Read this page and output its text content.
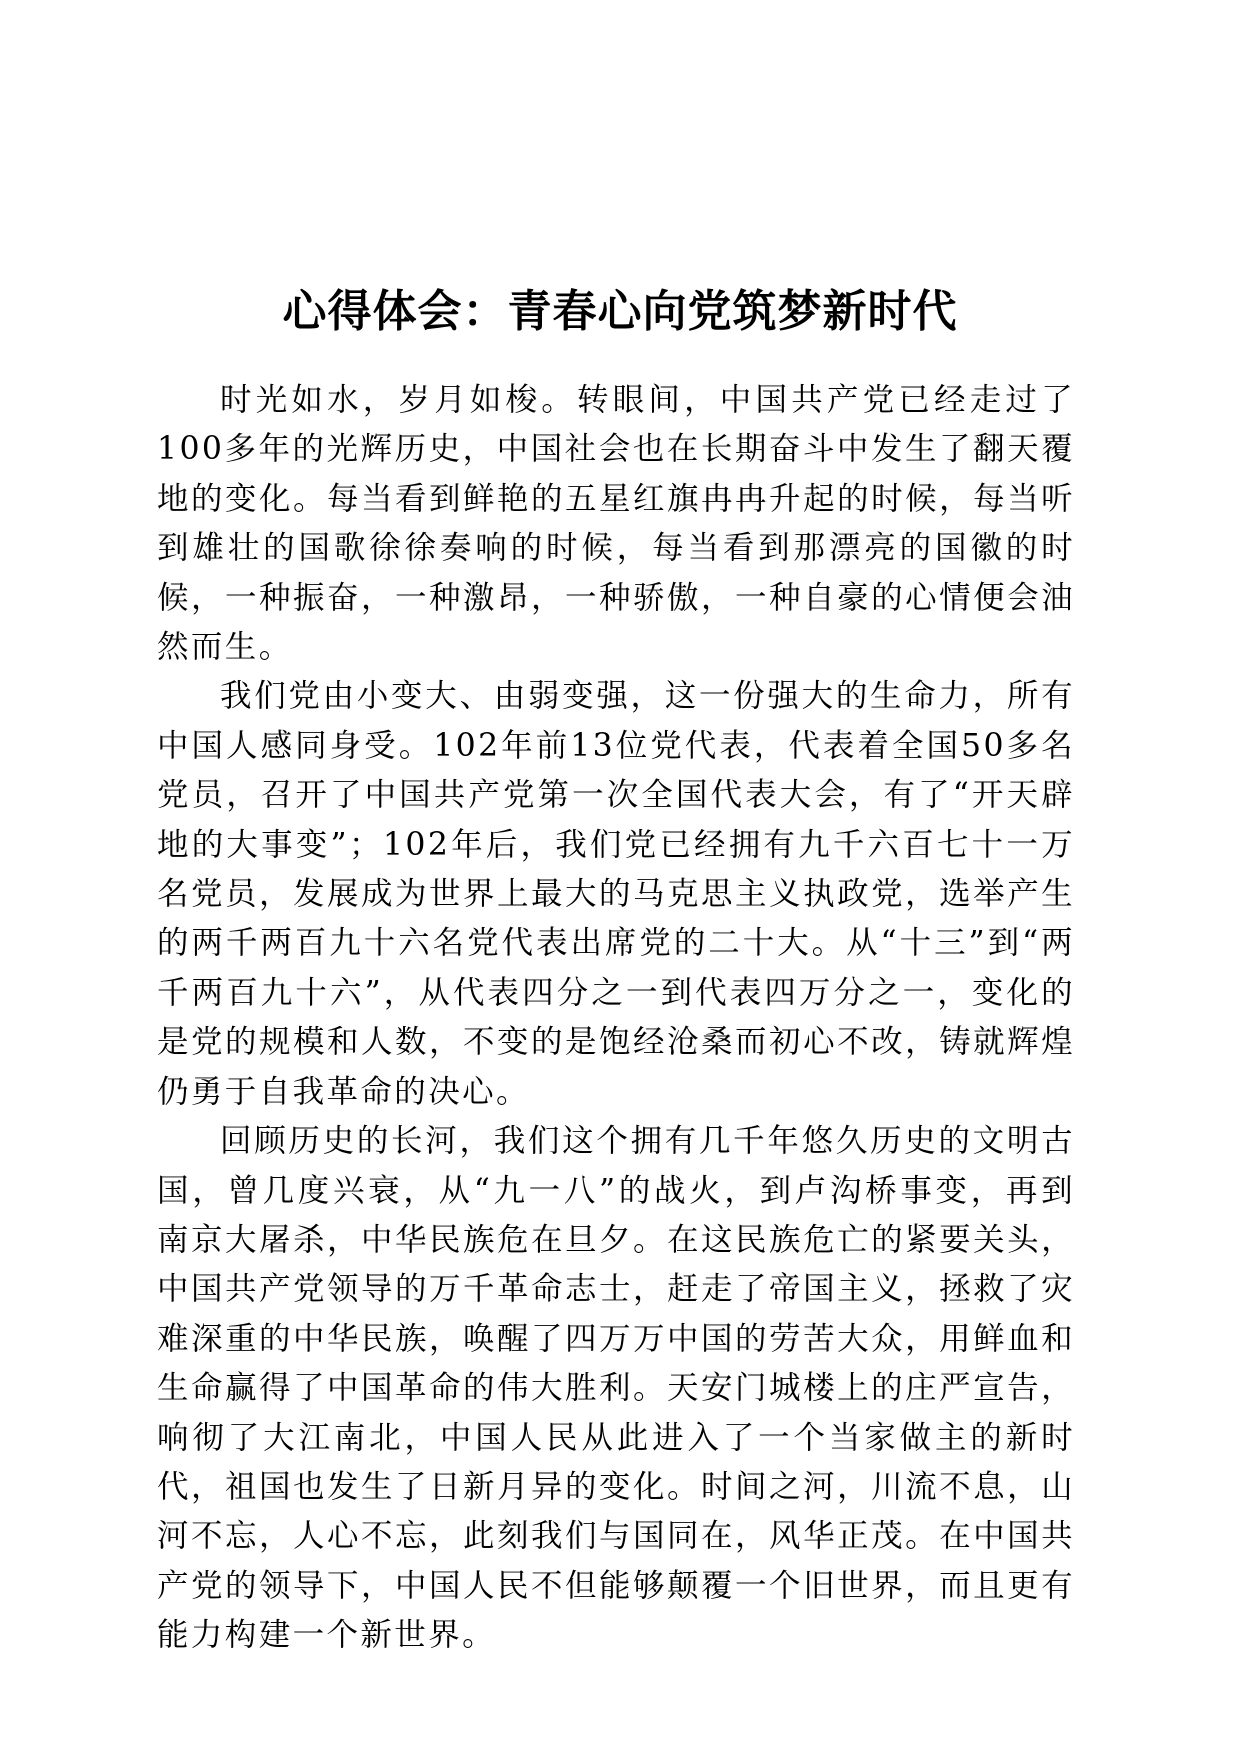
心得体会：青春心向党筑梦新时代

时光如水，岁月如梭。转眼间，中国共产党已经走过了100多年的光辉历史，中国社会也在长期奋斗中发生了翻天覆地的变化。每当看到鲜艳的五星红旗冉冉升起的时候，每当听到雄壮的国歌徐徐奏响的时候，每当看到那漂亮的国徽的时候，一种振奋，一种激昂，一种骄傲，一种自豪的心情便会油然而生。

我们党由小变大、由弱变强，这一份强大的生命力，所有中国人感同身受。102年前13位党代表，代表着全国50多名党员，召开了中国共产党第一次全国代表大会，有了“开天辟地的大事变”；102年后，我们党已经拥有九千六百七十一万名党员，发展成为世界上最大的马克思主义执政党，选举产生的两千两百九十六名党代表出席党的二十大。从“十三”到“两千两百九十六”，从代表四分之一到代表四万分之一，变化的是党的规模和人数，不变的是饱经沧桑而初心不改，铸就辉煌仍勇于自我革命的决心。

回顾历史的长河，我们这个拥有几千年悠久历史的文明古国，曾几度兴衰，从“九一八”的战火，到卢沟桥事变，再到南京大屠杀，中华民族危在旦夕。在这民族危亡的紧要关头，中国共产党领导的万千革命志士，赶走了帝国主义，拯救了灾难深重的中华民族，唤醒了四万万中国的劳苦大众，用鲜血和生命赢得了中国革命的伟大胜利。天安门城楼上的庄严宣告，响彻了大江南北，中国人民从此进入了一个当家做主的新时代，祖国也发生了日新月异的变化。时间之河，川流不息，山河不忘，人心不忘，此刻我们与国同在，风华正茂。在中国共产党的领导下，中国人民不但能够颠覆一个旧世界，而且更有能力构建一个新世界。
